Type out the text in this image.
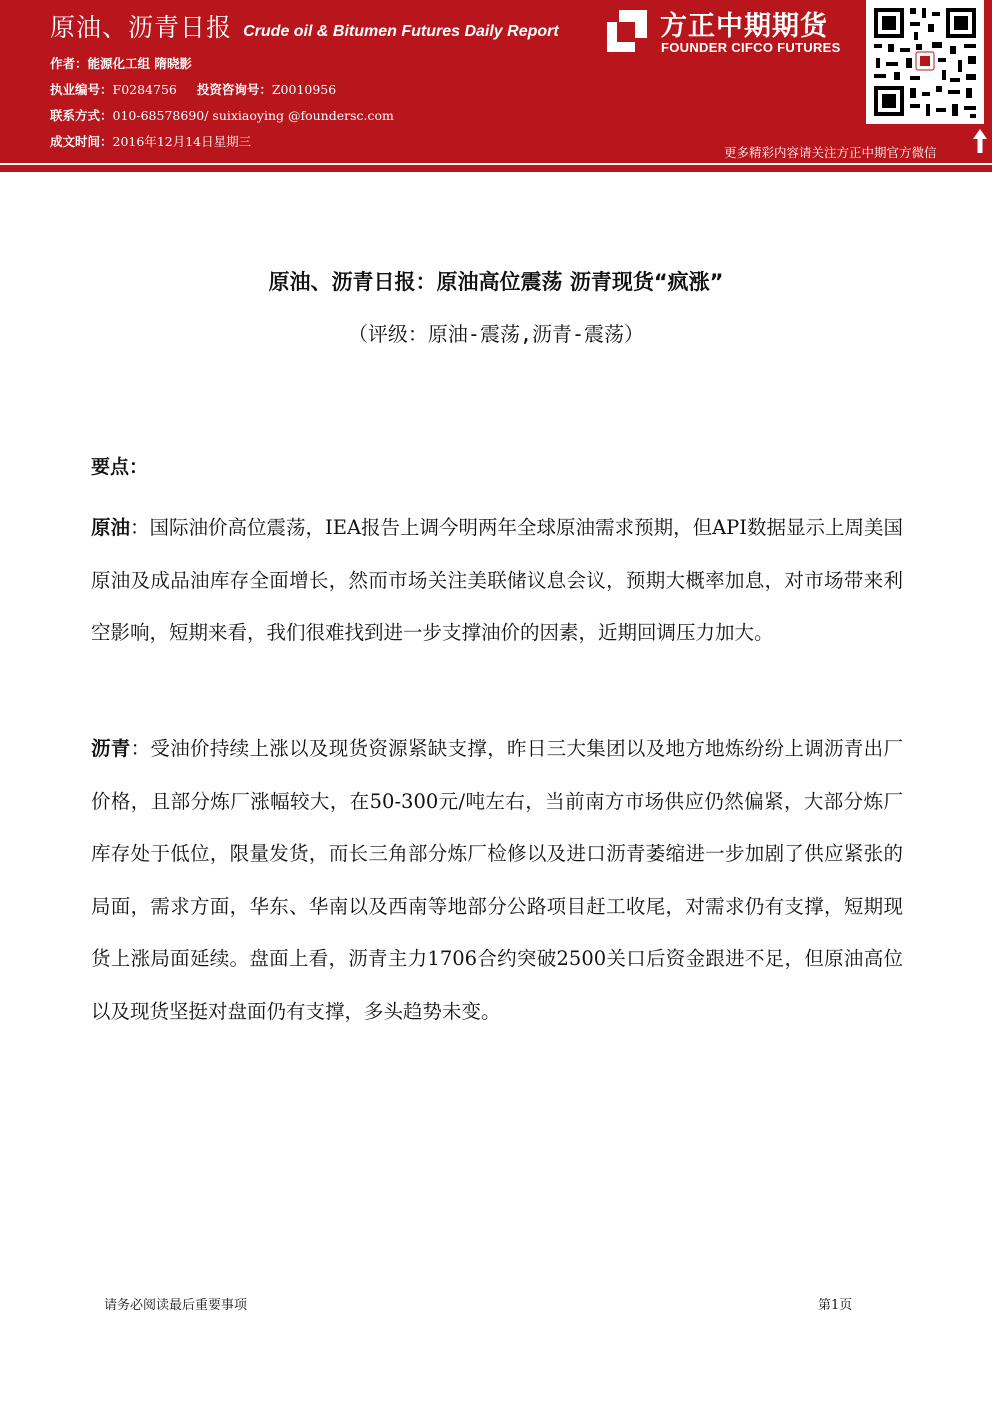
原油、沥青日报 Crude oil & Bitumen Futures Daily Report
作者：能源化工组 隋晓影
执业编号：F0284756 投资咨询号：Z0010956
联系方式：010-68578690/ suixiaoying @foundersc.com
成文时间：2016年12月14日星期三
方正中期期货
FOUNDER CIFCO FUTURES
更多精彩内容请关注方正中期官方微信
原油、沥青日报：原油高位震荡 沥青现货“疯涨”
（评级：原油-震荡,沥青-震荡）
要点：
原油：国际油价高位震荡，IEA报告上调今明两年全球原油需求预期，但API数据显示上周美国原油及成品油库存全面增长，然而市场关注美联储议息会议，预期大概率加息，对市场带来利空影响，短期来看，我们很难找到进一步支撑油价的因素，近期回调压力加大。
沥青：受油价持续上涨以及现货资源紧缺支撑，昨日三大集团以及地方地炼纷纷上调沥青出厂价格，且部分炼厂涨幅较大，在50-300元/吨左右，当前南方市场供应仍然偏紧，大部分炼厂库存处于低位，限量发货，而长三角部分炼厂检修以及进口沥青萎缩进一步加剧了供应紧张的局面，需求方面，华东、华南以及西南等地部分公路项目赶工收尾，对需求仍有支撑，短期现货上涨局面延续。盘面上看，沥青主力1706合约突破2500关口后资金跟进不足，但原油高位以及现货坚挺对盘面仍有支撑，多头趋势未变。
请务必阅读最后重要事项	第1页
